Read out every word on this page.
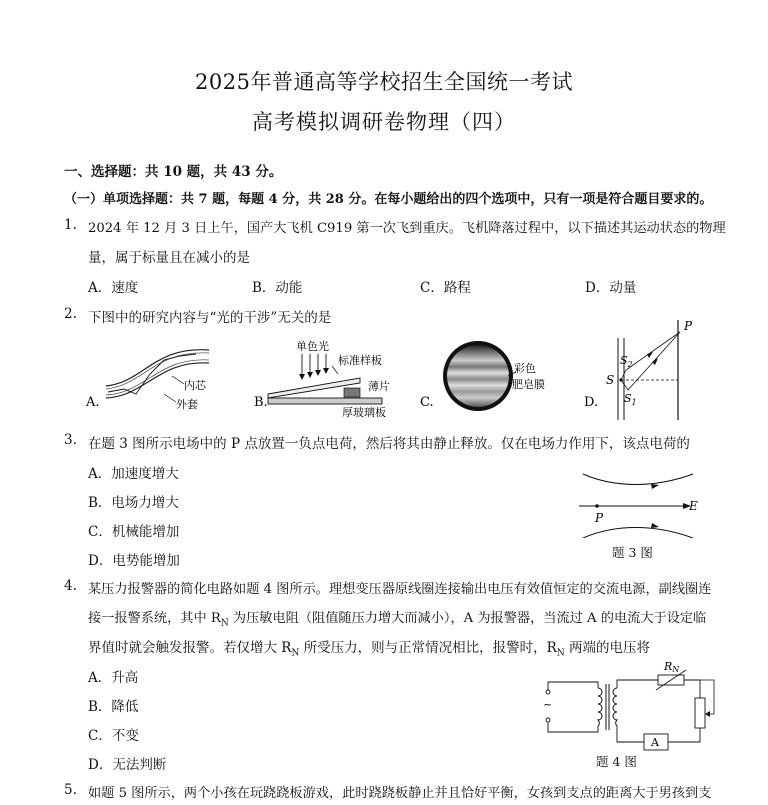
2025年普通高等学校招生全国统一考试
高考模拟调研卷物理（四）
一、选择题：共 10 题，共 43 分。
（一）单项选择题：共 7 题，每题 4 分，共 28 分。在每小题给出的四个选项中，只有一项是符合题目要求的。
1. 2024 年 12 月 3 日上午，国产大飞机 C919 第一次飞到重庆。飞机降落过程中，以下描述其运动状态的物理
量，属于标量且在减小的是
A．速度	B．动能	C．路程	D．动量
2. 下图中的研究内容与“光的干涉”无关的是
A.
内芯
外套	B.
单色光
标准样板
薄片
厚玻璃板
C.
彩色
肥皂膜
D.
P
S
$S_2$
$S_1$
3. 在题 3 图所示电场中的 P 点放置一负点电荷，然后将其由静止释放。仅在电场力作用下，该点电荷的
A．加速度增大
B．电场力增大
C．机械能增加
D．电势能增加
P
E
题 3 图
4. 某压力报警器的简化电路如题 4 图所示。理想变压器原线圈连接输出电压有效值恒定的交流电源，副线圈连
接一报警系统，其中 $R_N$ 为压敏电阻（阻值随压力增大而减小），A 为报警器，当流过 A 的电流大于设定临
界值时就会触发报警。若仅增大 $R_N$ 所受压力，则与正常情况相比，报警时，$R_N$ 两端的电压将
A．升高
B．降低
C．不变
D．无法判断
~
RN
A
题 4 图
5. 如题 5 图所示，两个小孩在玩跷跷板游戏，此时跷跷板静止并且恰好平衡，女孩到支点的距离大于男孩到支
